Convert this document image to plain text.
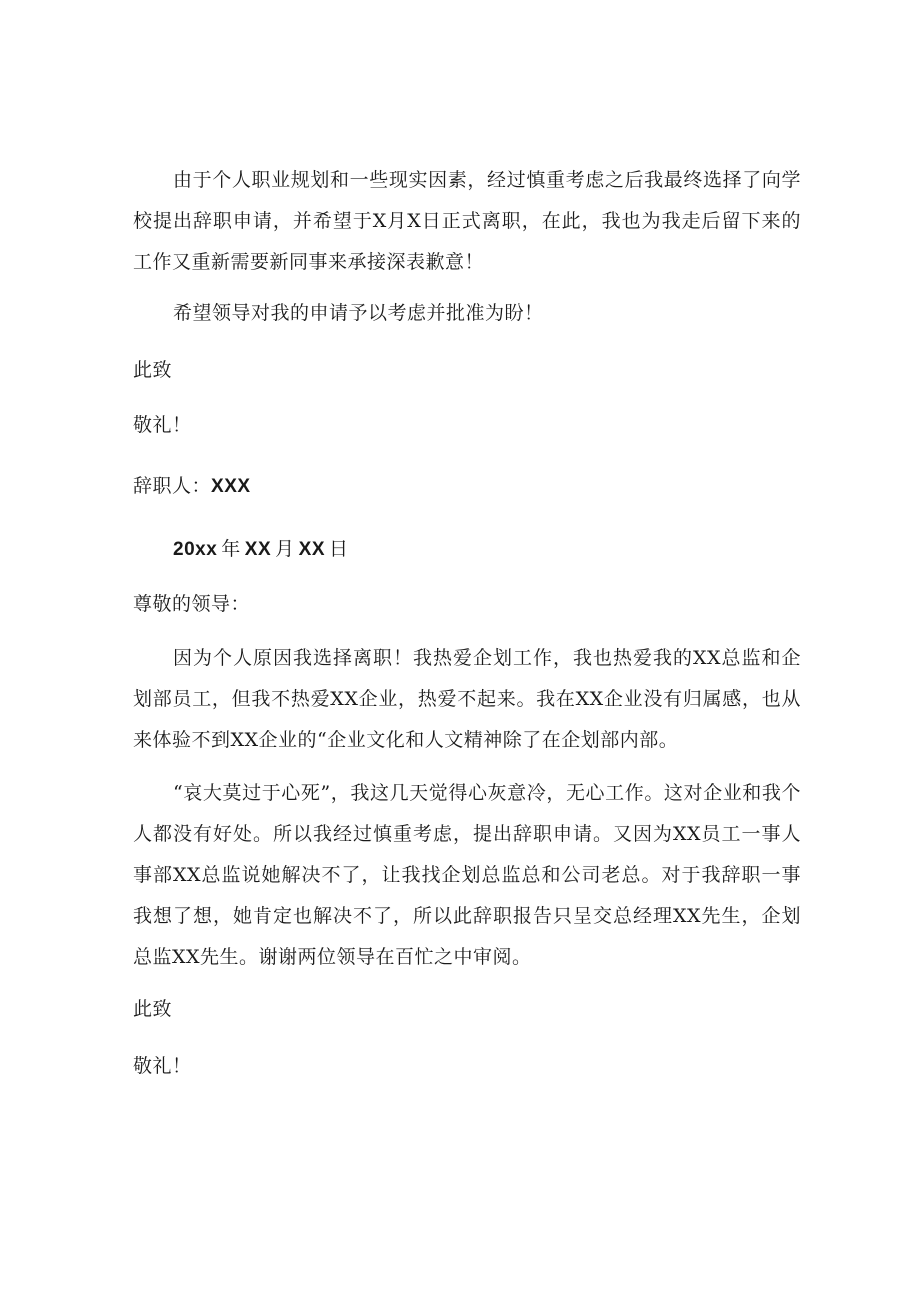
由于个人职业规划和一些现实因素，经过慎重考虑之后我最终选择了向学校提出辞职申请，并希望于X月X日正式离职，在此，我也为我走后留下来的工作又重新需要新同事来承接深表歉意！

希望领导对我的申请予以考虑并批准为盼！

此致

敬礼！

辞职人：XXX

20xx 年 XX 月 XX 日

尊敬的领导：

因为个人原因我选择离职！我热爱企划工作，我也热爱我的XX总监和企划部员工，但我不热爱XX企业，热爱不起来。我在XX企业没有归属感，也从来体验不到XX企业的“企业文化和人文精神除了在企划部内部。

“哀大莫过于心死”，我这几天觉得心灰意冷，无心工作。这对企业和我个人都没有好处。所以我经过慎重考虑，提出辞职申请。又因为XX员工一事人事部XX总监说她解决不了，让我找企划总监总和公司老总。对于我辞职一事我想了想，她肯定也解决不了，所以此辞职报告只呈交总经理XX先生，企划总监XX先生。谢谢两位领导在百忙之中审阅。

此致

敬礼！
